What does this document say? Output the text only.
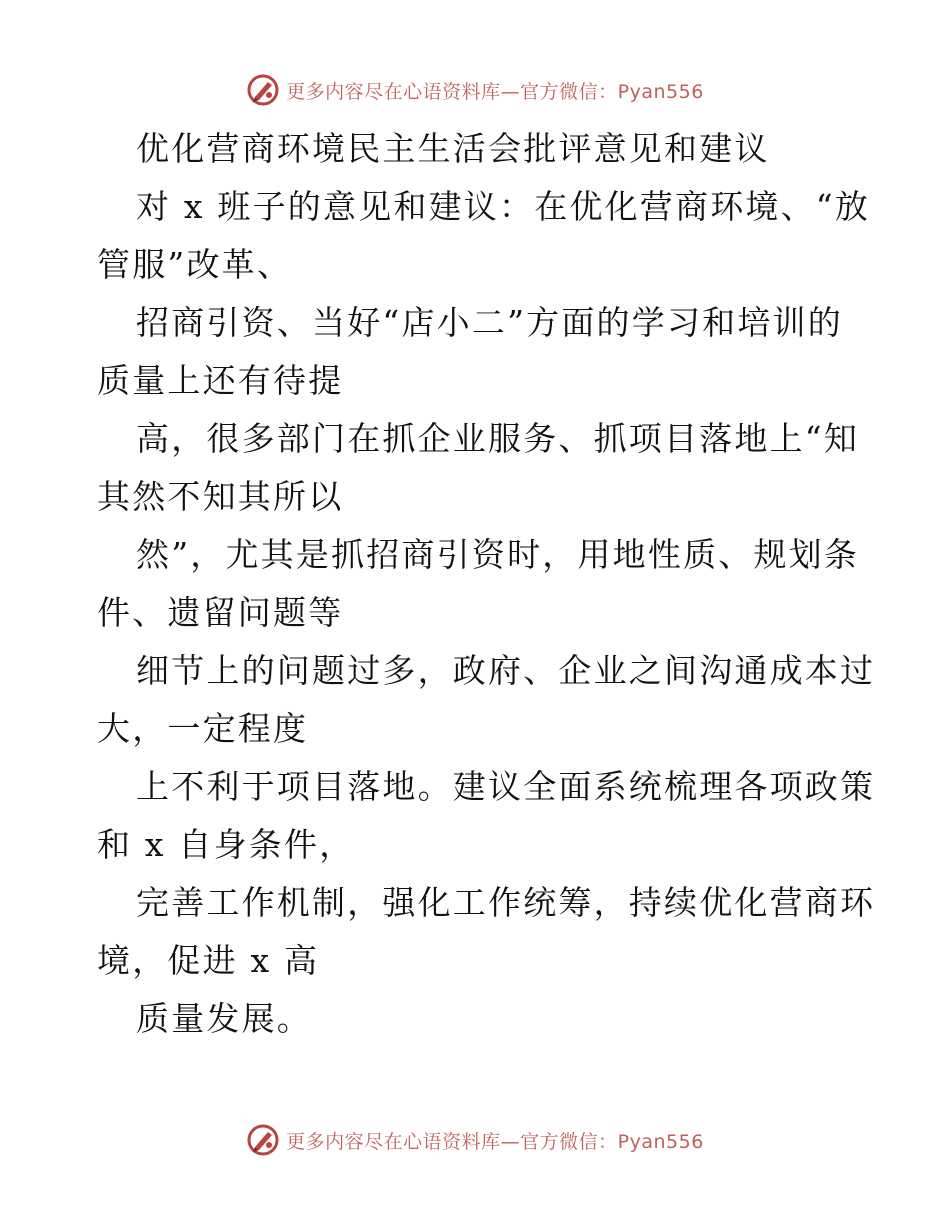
更多内容尽在心语资料库—官方微信：Pyan556
优化营商环境民主生活会批评意见和建议
对 x 班子的意见和建议：在优化营商环境、“放
管服”改革、
招商引资、当好“店小二”方面的学习和培训的
质量上还有待提
高，很多部门在抓企业服务、抓项目落地上“知
其然不知其所以
然”，尤其是抓招商引资时，用地性质、规划条
件、遗留问题等
细节上的问题过多，政府、企业之间沟通成本过
大，一定程度
上不利于项目落地。建议全面系统梳理各项政策
和 x 自身条件，
完善工作机制，强化工作统筹，持续优化营商环
境，促进 x 高
质量发展。
更多内容尽在心语资料库—官方微信：Pyan556
